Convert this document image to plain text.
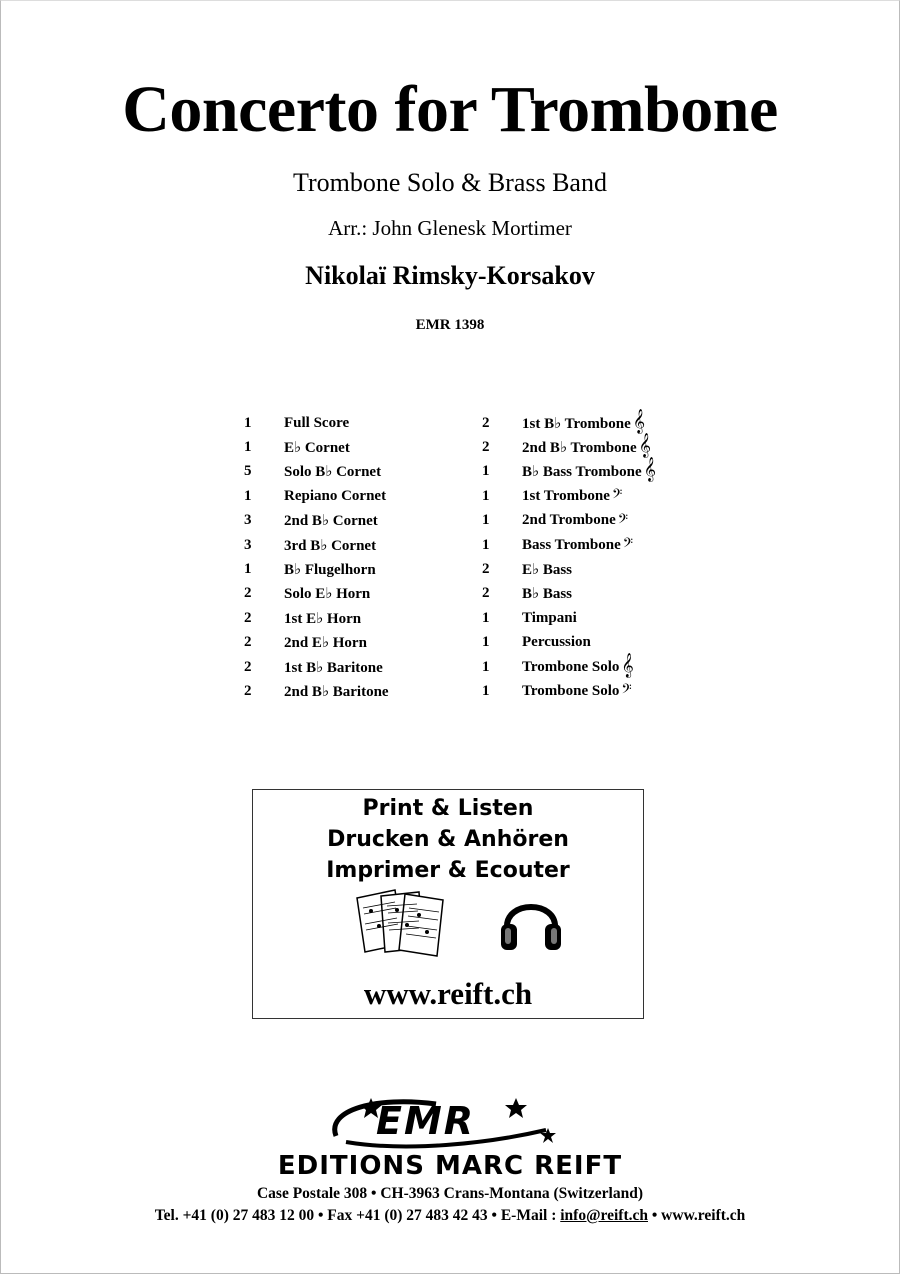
Concerto for Trombone
Trombone Solo & Brass Band
Arr.: John Glenesk Mortimer
Nikolaï Rimsky-Korsakov
EMR 1398
1	Full Score
1	E♭ Cornet
5	Solo B♭ Cornet
1	Repiano Cornet
3	2nd B♭ Cornet
3	3rd B♭ Cornet
1	B♭ Flugelhorn
2	Solo E♭ Horn
2	1st E♭ Horn
2	2nd E♭ Horn
2	1st B♭ Baritone
2	2nd B♭ Baritone
2	1st B♭ Trombone 𝄞
2	2nd B♭ Trombone 𝄞
1	B♭ Bass Trombone 𝄞
1	1st Trombone 𝄢
1	2nd Trombone 𝄢
1	Bass Trombone 𝄢
2	E♭ Bass
2	B♭ Bass
1	Timpani
1	Percussion
1	Trombone Solo 𝄞
1	Trombone Solo 𝄢
Print & Listen
Drucken & Anhören
Imprimer & Ecouter
www.reift.ch
EMR
EDITIONS MARC REIFT
Case Postale 308 • CH-3963 Crans-Montana (Switzerland)
Tel. +41 (0) 27 483 12 00 • Fax +41 (0) 27 483 42 43 • E-Mail : info@reift.ch • www.reift.ch
